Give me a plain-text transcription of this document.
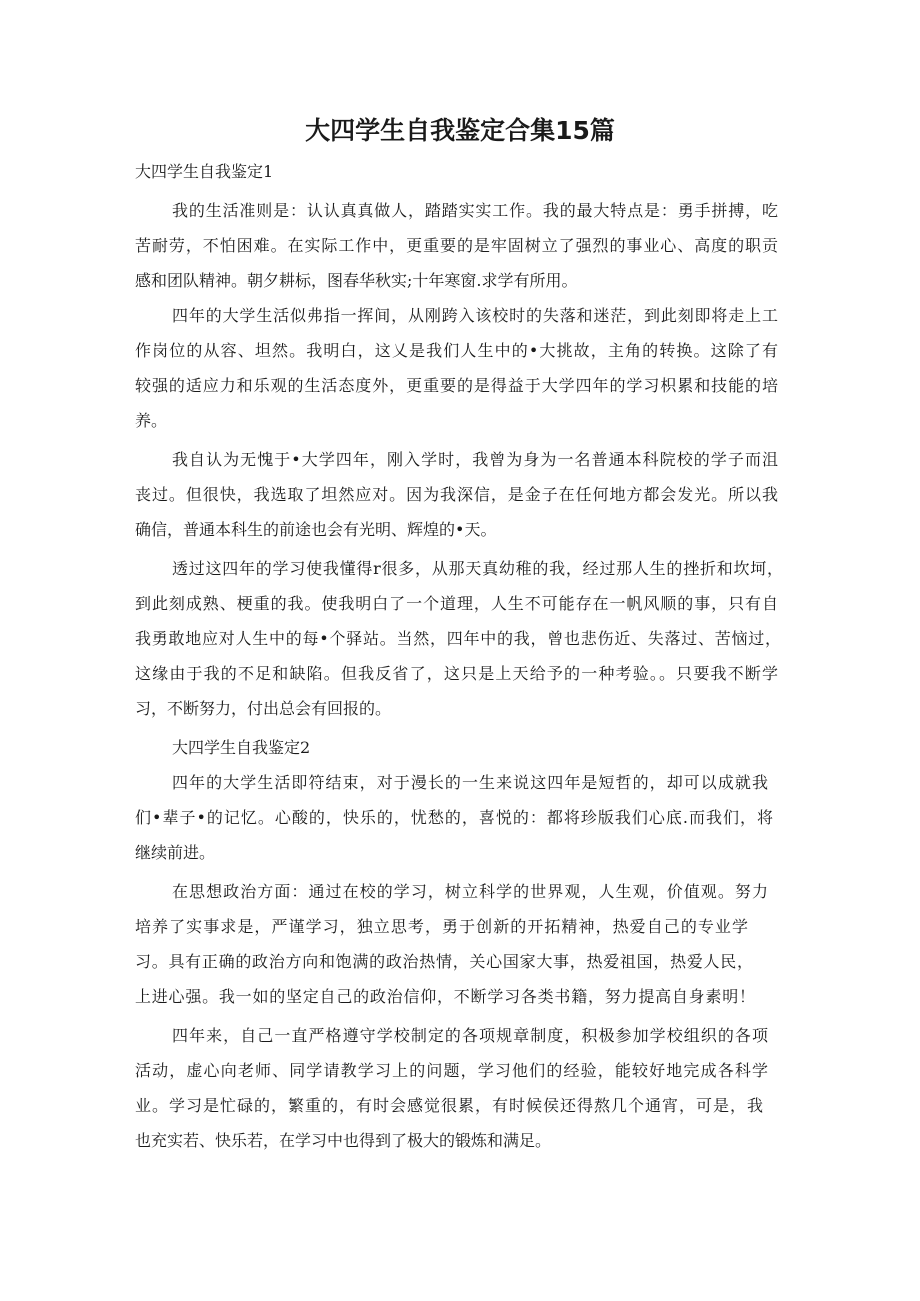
大四学生自我鉴定合集15篇

大四学生自我鉴定1

我的生活准则是：认认真真做人，踏踏实实工作。我的最大特点是：勇手拼搏，吃

苦耐劳，不怕困难。在实际工作中，更重要的是牢固树立了强烈的事业心、高度的职贡

感和团队精神。朝夕耕标，图春华秋实;十年寒窗.求学有所用。

四年的大学生活似弗指一挥间，从刚跨入该校时的失落和迷茫，到此刻即将走上工

作岗位的从容、坦然。我明白，这乂是我们人生中的•大挑故，主角的转换。这除了有

较强的适应力和乐观的生活态度外，更重要的是得益于大学四年的学习枳累和技能的培

养。

我自认为无愧于•大学四年，刚入学时，我曾为身为一名普通本科院校的学子而沮

丧过。但很快，我选取了坦然应对。因为我深信，是金子在任何地方都会发光。所以我

确信，普通本科生的前途也会有光明、辉煌的•天。

透过这四年的学习使我懂得r很多，从那天真幼稚的我，经过那人生的挫折和坎坷，

到此刻成熟、梗重的我。使我明白了一个道理，人生不可能存在一帆风顺的事，只有自

我勇敢地应对人生中的每•个驿站。当然，四年中的我，曾也悲伤近、失落过、苦恼过，

这缘由于我的不足和缺陷。但我反省了，这只是上天给予的一种考验。。只要我不断学

习，不断努力，付出总会有回报的。

大四学生自我鉴定2

四年的大学生活即符结束，对于漫长的一生来说这四年是短哲的，却可以成就我

们•辈子•的记忆。心酸的，快乐的，忧愁的，喜悦的：都将珍版我们心底.而我们，将

继续前进。

在思想政治方面：通过在校的学习，树立科学的世界观，人生观，价值观。努力

培养了实事求是，严谨学习，独立思考，勇于创新的开拓精神，热爱自己的专业学

习。具有正确的政治方向和饱满的政治热情，关心国家大事，热爱祖国，热爱人民，

上进心强。我一如的坚定自己的政治信仰，不断学习各类书籍，努力提高自身素明！

四年来，自己一直严格遵守学校制定的各项规章制度，积极参加学校组织的各项

活动，虚心向老师、同学请教学习上的问题，学习他们的经验，能较好地完成各科学

业。学习是忙碌的，繁重的，有时会感觉很累，有时候侯还得熬几个通宵，可是，我

也充实若、快乐若，在学习中也得到了极大的锻炼和满足。
